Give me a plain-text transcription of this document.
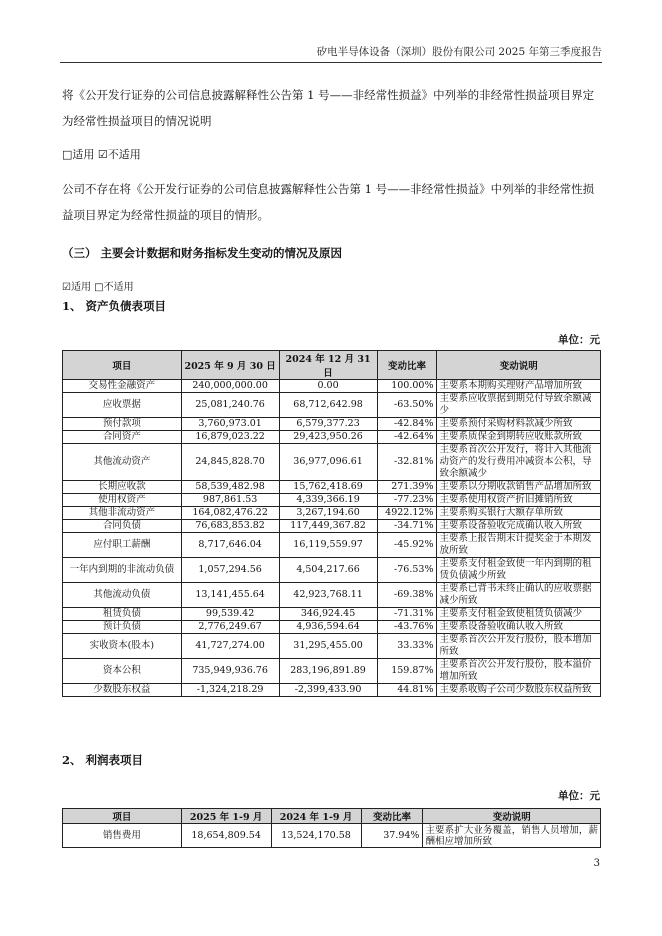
矽电半导体设备（深圳）股份有限公司 2025 年第三季度报告
将《公开发行证券的公司信息披露解释性公告第 1 号——非经常性损益》中列举的非经常性损益项目界定为经常性损益项目的情况说明
□适用 ☑不适用
公司不存在将《公开发行证券的公司信息披露解释性公告第 1 号——非经常性损益》中列举的非经常性损益项目界定为经常性损益的项目的情形。
（三） 主要会计数据和财务指标发生变动的情况及原因
☑适用 □不适用
1、 资产负债表项目
单位：元
项目	2025 年 9 月 30 日	2024 年 12 月 31 日	变动比率	变动说明
交易性金融资产	240,000,000.00	0.00	100.00%	主要系本期购买理财产品增加所致
应收票据	25,081,240.76	68,712,642.98	-63.50%	主要系应收票据到期兑付导致余额减少
预付款项	3,760,973.01	6,579,377.23	-42.84%	主要系预付采购材料款减少所致
合同资产	16,879,023.22	29,423,950.26	-42.64%	主要系质保金到期转应收账款所致
其他流动资产	24,845,828.70	36,977,096.61	-32.81%	主要系首次公开发行，将计入其他流动资产的发行费用冲减资本公积，导致余额减少
长期应收款	58,539,482.98	15,762,418.69	271.39%	主要系以分期收款销售产品增加所致
使用权资产	987,861.53	4,339,366.19	-77.23%	主要系使用权资产折旧摊销所致
其他非流动资产	164,082,476.22	3,267,194.60	4922.12%	主要系购买银行大额存单所致
合同负债	76,683,853.82	117,449,367.82	-34.71%	主要系设备验收完成确认收入所致
应付职工薪酬	8,717,646.04	16,119,559.97	-45.92%	主要系上报告期末计提奖金于本期发放所致
一年内到期的非流动负债	1,057,294.56	4,504,217.66	-76.53%	主要系支付租金致使一年内到期的租赁负债减少所致
其他流动负债	13,141,455.64	42,923,768.11	-69.38%	主要系已背书未终止确认的应收票据减少所致
租赁负债	99,539.42	346,924.45	-71.31%	主要系支付租金致使租赁负债减少
预计负债	2,776,249.67	4,936,594.64	-43.76%	主要系设备验收确认收入所致
实收资本(股本)	41,727,274.00	31,295,455.00	33.33%	主要系首次公开发行股份，股本增加所致
资本公积	735,949,936.76	283,196,891.89	159.87%	主要系首次公开发行股份，股本溢价增加所致
少数股东权益	-1,324,218.29	-2,399,433.90	44.81%	主要系收购子公司少数股东权益所致
2、 利润表项目
单位：元
项目	2025 年 1-9 月	2024 年 1-9 月	变动比率	变动说明
销售费用	18,654,809.54	13,524,170.58	37.94%	主要系扩大业务覆盖，销售人员增加，薪酬相应增加所致
3
